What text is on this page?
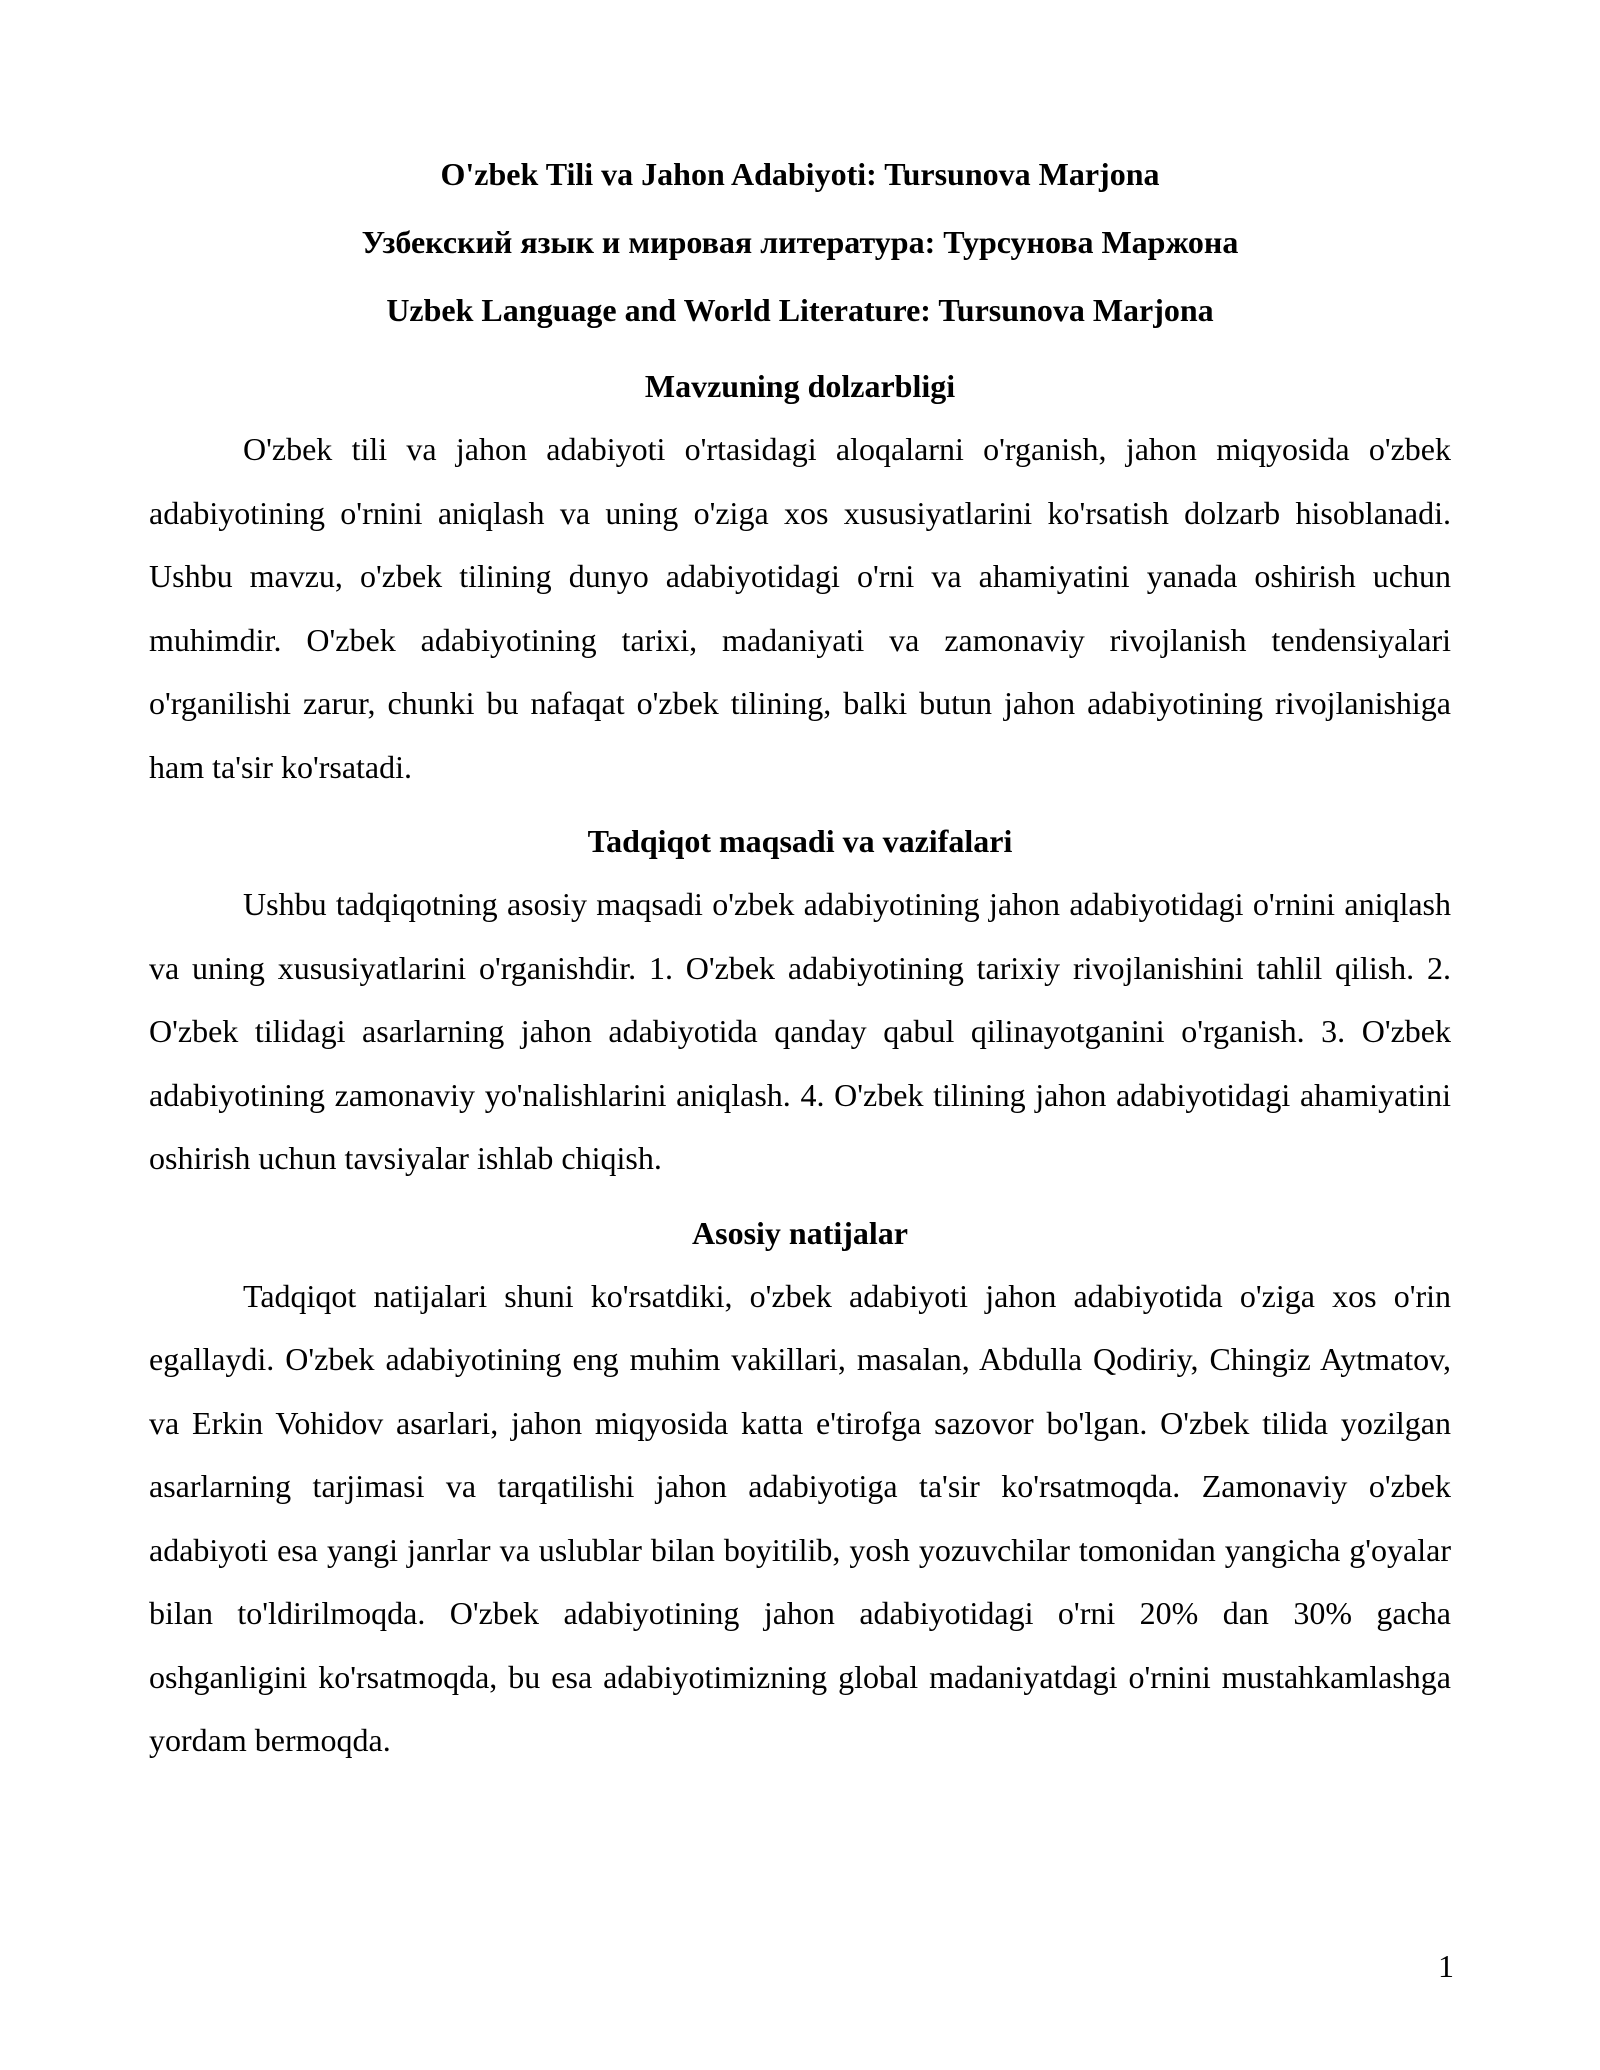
O'zbek Tili va Jahon Adabiyoti: Tursunova Marjona

Узбекский язык и мировая литература: Турсунова Маржона

Uzbek Language and World Literature: Tursunova Marjona

Mavzuning dolzarbligi

O'zbek tili va jahon adabiyoti o'rtasidagi aloqalarni o'rganish, jahon miqyosida o'zbek adabiyotining o'rnini aniqlash va uning o'ziga xos xususiyatlarini ko'rsatish dolzarb hisoblanadi. Ushbu mavzu, o'zbek tilining dunyo adabiyotidagi o'rni va ahamiyatini yanada oshirish uchun muhimdir. O'zbek adabiyotining tarixi, madaniyati va zamonaviy rivojlanish tendensiyalari o'rganilishi zarur, chunki bu nafaqat o'zbek tilining, balki butun jahon adabiyotining rivojlanishiga ham ta'sir ko'rsatadi.

Tadqiqot maqsadi va vazifalari

Ushbu tadqiqotning asosiy maqsadi o'zbek adabiyotining jahon adabiyotidagi o'rnini aniqlash va uning xususiyatlarini o'rganishdir. 1. O'zbek adabiyotining tarixiy rivojlanishini tahlil qilish. 2. O'zbek tilidagi asarlarning jahon adabiyotida qanday qabul qilinayotganini o'rganish. 3. O'zbek adabiyotining zamonaviy yo'nalishlarini aniqlash. 4. O'zbek tilining jahon adabiyotidagi ahamiyatini oshirish uchun tavsiyalar ishlab chiqish.

Asosiy natijalar

Tadqiqot natijalari shuni ko'rsatdiki, o'zbek adabiyoti jahon adabiyotida o'ziga xos o'rin egallaydi. O'zbek adabiyotining eng muhim vakillari, masalan, Abdulla Qodiriy, Chingiz Aytmatov, va Erkin Vohidov asarlari, jahon miqyosida katta e'tirofga sazovor bo'lgan. O'zbek tilida yozilgan asarlarning tarjimasi va tarqatilishi jahon adabiyotiga ta'sir ko'rsatmoqda. Zamonaviy o'zbek adabiyoti esa yangi janrlar va uslublar bilan boyitilib, yosh yozuvchilar tomonidan yangicha g'oyalar bilan to'ldirilmoqda. O'zbek adabiyotining jahon adabiyotidagi o'rni 20% dan 30% gacha oshganligini ko'rsatmoqda, bu esa adabiyotimizning global madaniyatdagi o'rnini mustahkamlashga yordam bermoqda.

1
